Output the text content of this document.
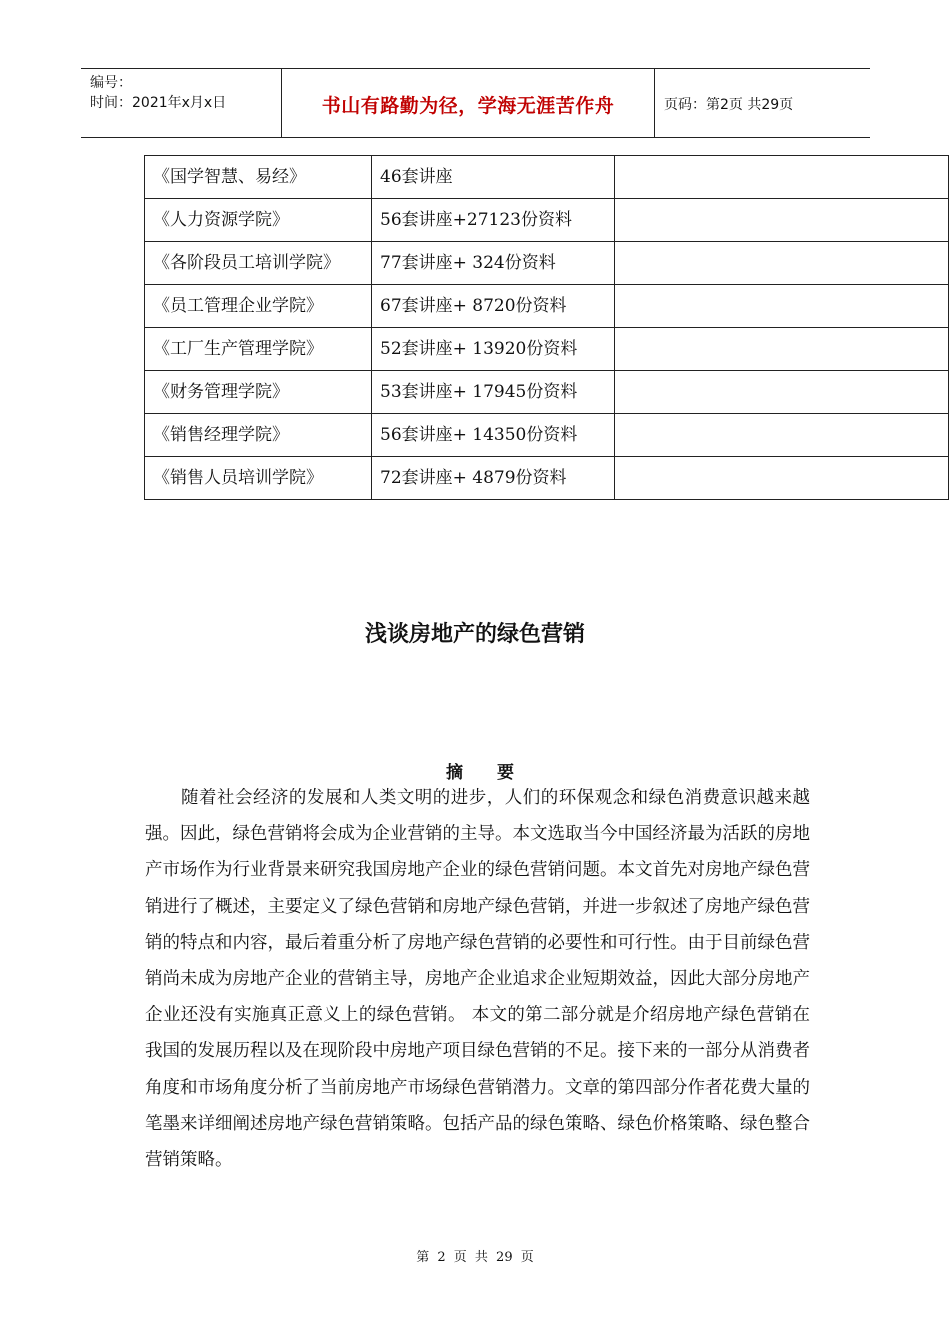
编号：
时间：2021年x月x日	书山有路勤为径，学海无涯苦作舟	页码：第2页 共29页
《国学智慧、易经》	46套讲座	
《人力资源学院》	56套讲座+27123份资料	
《各阶段员工培训学院》	77套讲座+ 324份资料	
《员工管理企业学院》	67套讲座+ 8720份资料	
《工厂生产管理学院》	52套讲座+ 13920份资料	
《财务管理学院》	53套讲座+ 17945份资料	
《销售经理学院》	56套讲座+ 14350份资料	
《销售人员培训学院》	72套讲座+ 4879份资料	
浅谈房地产的绿色营销
摘 要
随着社会经济的发展和人类文明的进步，人们的环保观念和绿色消费意识越来越强。因此，绿色营销将会成为企业营销的主导。本文选取当今中国经济最为活跃的房地产市场作为行业背景来研究我国房地产企业的绿色营销问题。本文首先对房地产绿色营销进行了概述，主要定义了绿色营销和房地产绿色营销，并进一步叙述了房地产绿色营销的特点和内容，最后着重分析了房地产绿色营销的必要性和可行性。由于目前绿色营销尚未成为房地产企业的营销主导，房地产企业追求企业短期效益，因此大部分房地产企业还没有实施真正意义上的绿色营销。 本文的第二部分就是介绍房地产绿色营销在我国的发展历程以及在现阶段中房地产项目绿色营销的不足。接下来的一部分从消费者角度和市场角度分析了当前房地产市场绿色营销潜力。文章的第四部分作者花费大量的笔墨来详细阐述房地产绿色营销策略。包括产品的绿色策略、绿色价格策略、绿色整合营销策略。
第 2 页 共 29 页
